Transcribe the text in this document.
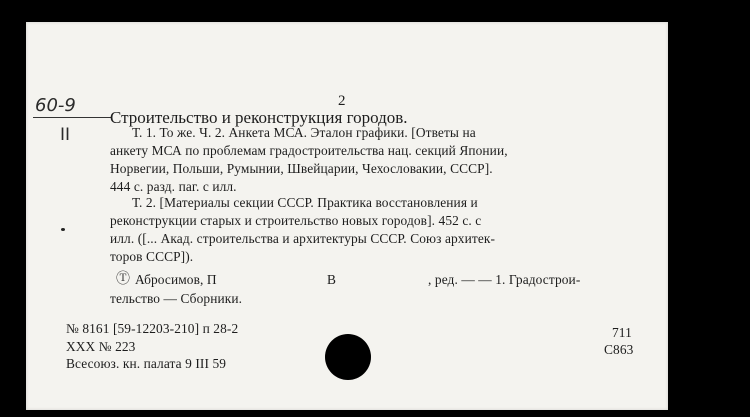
60-9
II
2
Строительство и реконструкция городов.
Т. 1. То же. Ч. 2. Анкета МСА. Эталон графики. [Ответы на
анкету МСА по проблемам градостроительства нац. секций Японии,
Норвегии, Польши, Румынии, Швейцарии, Чехословакии, СССР].
444 с. разд. паг. с илл.
Т. 2. [Материалы секции СССР. Практика восстановления и
реконструкции старых и строительство новых городов]. 452 с. с
илл. ([... Акад. строительства и архитектуры СССР. Союз архитек-
торов СССР]).
Ⓣ Абросимов, П	В	, ред. — — 1. Градострои-
тельство — Сборники.
№ 8161 [59-12203-210] п 28-2
XXX № 223
Всесоюз. кн. палата 9 III 59
711
С863
